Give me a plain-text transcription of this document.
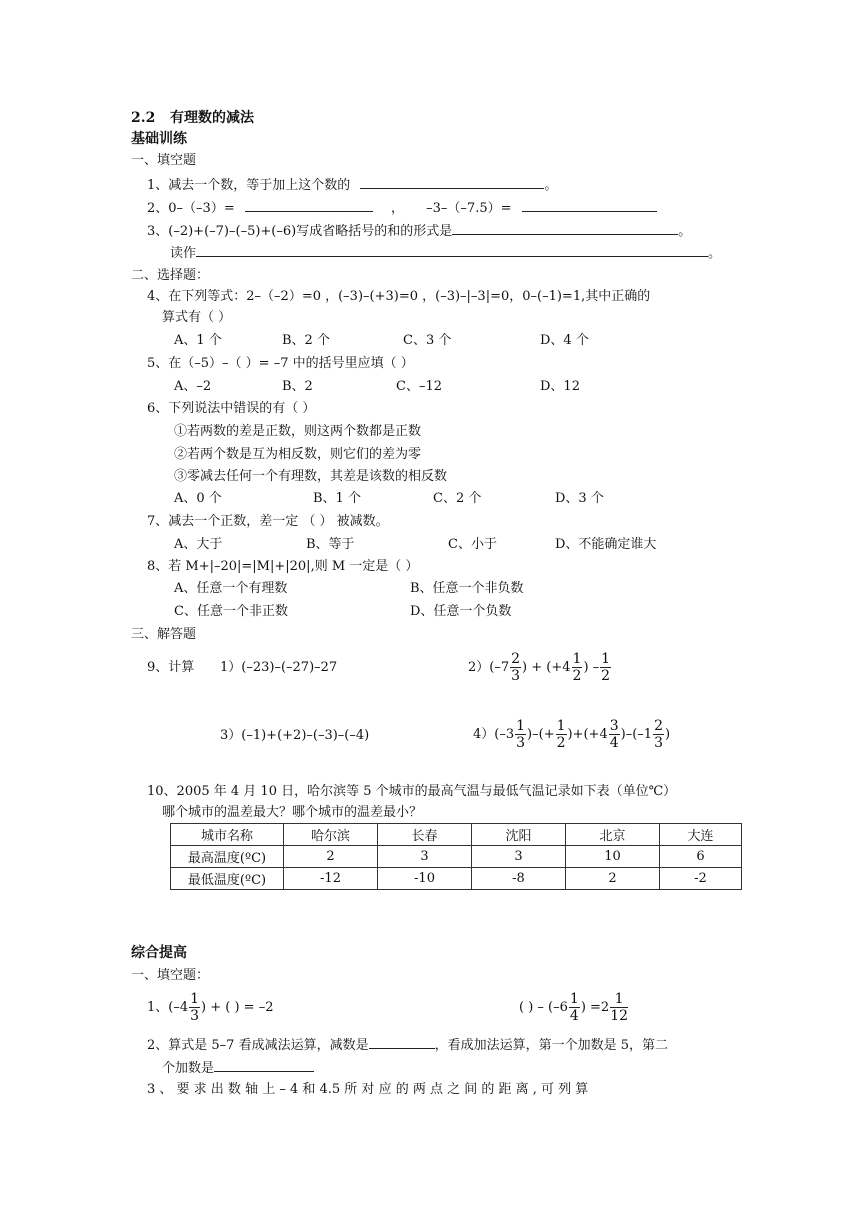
2.2 有理数的减法
基础训练
一、填空题
1、减去一个数，等于加上这个数的	。
2、0–（–3）=	， –3–（–7.5）=
3、(–2)+(–7)–(–5)+(–6)写成省略括号的和的形式是	。
读作	。
二、选择题：
4、在下列等式：2–（–2）=0 ，(–3)–(+3)=0 ，(–3)–|–3|=0，0–(–1)=1,其中正确的
算式有（ ）
A、1 个	B、2 个	C、3 个	D、4 个
5、在（–5）–（ ）= –7 中的括号里应填（ ）
A、–2	B、2	C、–12	D、12
6、下列说法中错误的有（ ）
①若两数的差是正数，则这两个数都是正数
②若两个数是互为相反数，则它们的差为零
③零减去任何一个有理数，其差是该数的相反数
A、0 个	B、1 个	C、2 个	D、3 个
7、减去一个正数，差一定 （ ） 被减数。
A、大于	B、等于	C、小于	D、不能确定谁大
8、若 M+|–20|=|M|+|20|,则 M 一定是（ ）
A、任意一个有理数	B、任意一个非负数
C、任意一个非正数	D、任意一个负数
三、解答题
9、计算 1）(–23)–(–27)–27	$2)(-7 \frac{2}{3}$ ) + ($+4 \frac{1}{2}$ ) – $\frac{1}{2}$
3）(–1)+(+2)–(–3)–(–4)	$4)(-3 \frac{1}{3}$ )–(+ $\frac{1}{2} )+(+4 \frac{3}{4} )-(-1 \frac{2}{3}$ )
10、2005 年 4 月 10 日，哈尔滨等 5 个城市的最高气温与最低气温记录如下表（单位℃）
哪个城市的温差最大？哪个城市的温差最小？
城市名称	哈尔滨	长春	沈阳	北京	大连
最高温度(ºC)	2	3	3	10	6
最低温度(ºC)	-12	-10	-8	2	-2
综合提高
一、填空题：
1、($-4 \frac{1}{3}$ ) + ( ) = –2	( ) – ($-6 \frac{1}{4}$ ) $=2 \frac{1}{12}$
2、算式是 5–7 看成减法运算，减数是	，看成加法运算，第一个加数是 5，第二
个加数是
3 、 要 求 出 数 轴 上 – 4 和 4.5 所 对 应 的 两 点 之 间 的 距 离 , 可 列 算
